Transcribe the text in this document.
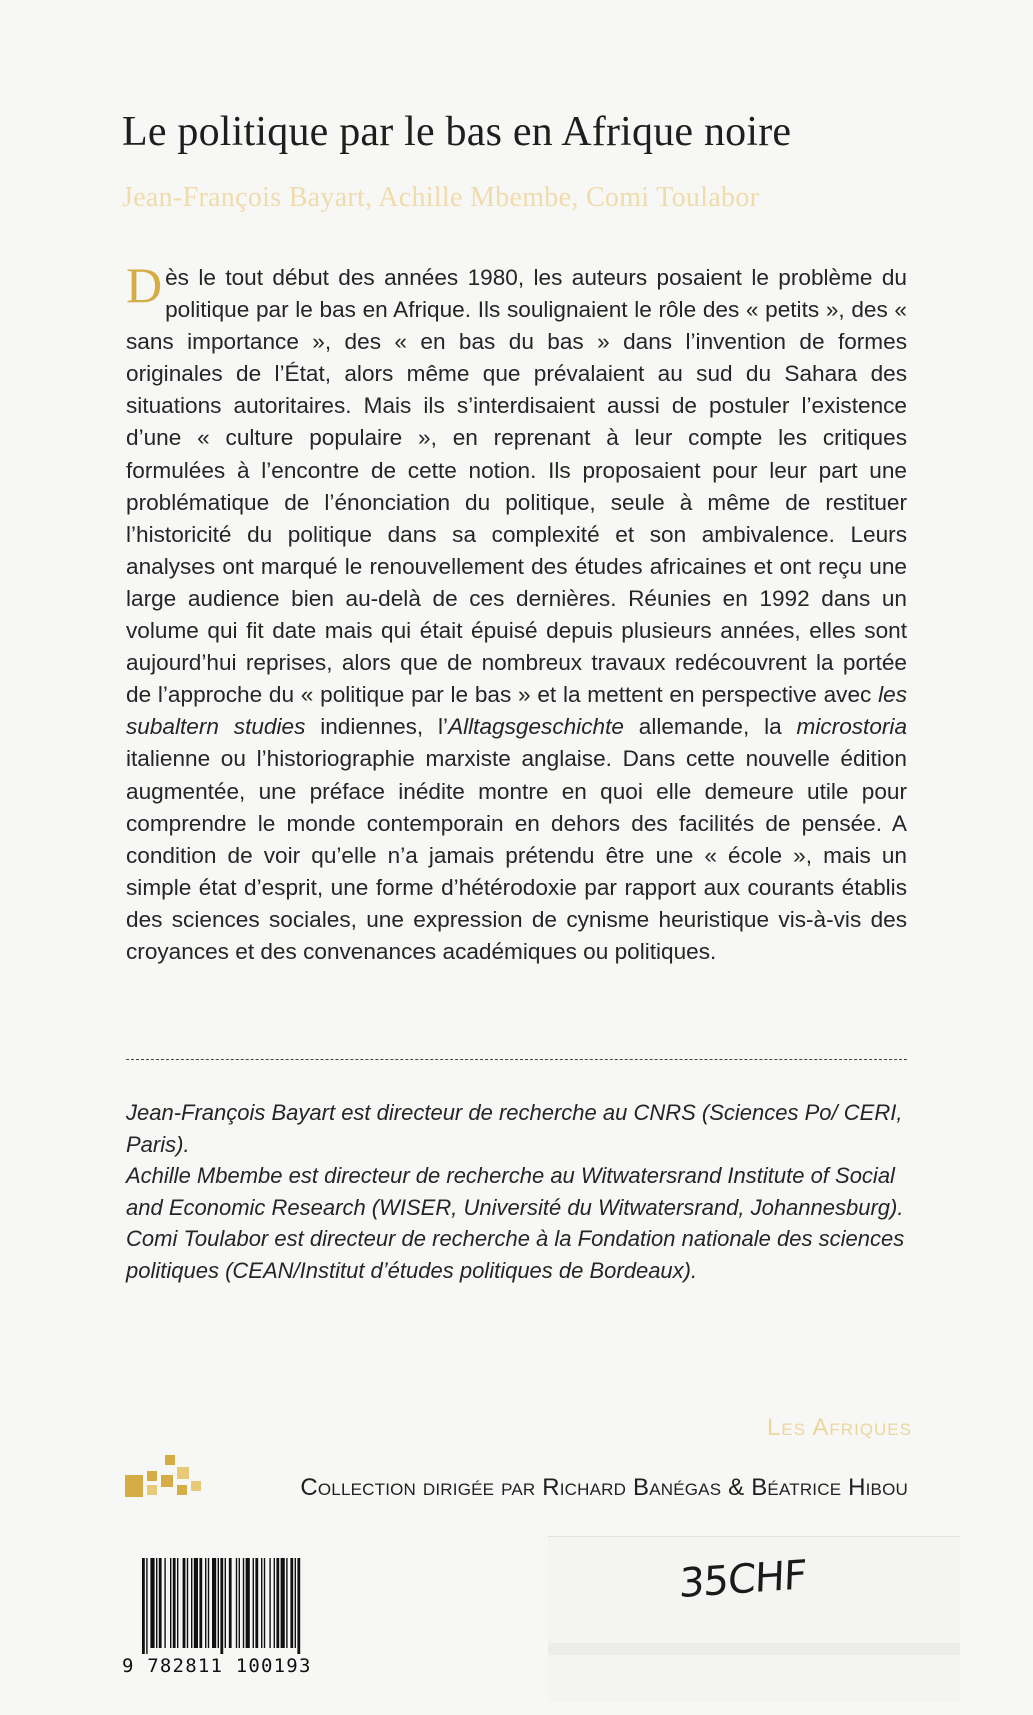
Le politique par le bas en Afrique noire
Jean-François Bayart, Achille Mbembe, Comi Toulabor

Dès le tout début des années 1980, les auteurs posaient le problème du politique par le bas en Afrique. Ils soulignaient le rôle des « petits », des « sans importance », des « en bas du bas » dans l’invention de formes originales de l’État, alors même que prévalaient au sud du Sahara des situations autoritaires. Mais ils s’interdisaient aussi de postuler l’existence d’une « culture populaire », en reprenant à leur compte les critiques formulées à l’encontre de cette notion. Ils proposaient pour leur part une problématique de l’énonciation du politique, seule à même de restituer l’historicité du politique dans sa complexité et son ambivalence. Leurs analyses ont marqué le renouvellement des études africaines et ont reçu une large audience bien au-delà de ces dernières. Réunies en 1992 dans un volume qui fit date mais qui était épuisé depuis plusieurs années, elles sont aujourd’hui reprises, alors que de nombreux travaux redécouvrent la portée de l’approche du « politique par le bas » et la mettent en perspective avec les subaltern studies indiennes, l’Alltagsgeschichte allemande, la microstoria italienne ou l’historiographie marxiste anglaise. Dans cette nouvelle édition augmentée, une préface inédite montre en quoi elle demeure utile pour comprendre le monde contemporain en dehors des facilités de pensée. A condition de voir qu’elle n’a jamais prétendu être une « école », mais un simple état d’esprit, une forme d’hétérodoxie par rapport aux courants établis des sciences sociales, une expression de cynisme heuristique vis-à-vis des croyances et des convenances académiques ou politiques.

Jean-François Bayart est directeur de recherche au CNRS (Sciences Po/ CERI, Paris).

Achille Mbembe est directeur de recherche au Witwatersrand Institute of Social and Economic Research (WISER, Université du Witwatersrand, Johannesburg).

Comi Toulabor est directeur de recherche à la Fondation nationale des sciences politiques (CEAN/Institut d’études politiques de Bordeaux).

Les Afriques
Collection dirigée par Richard Banégas & Béatrice Hibou
9 782811 100193
35CHF
